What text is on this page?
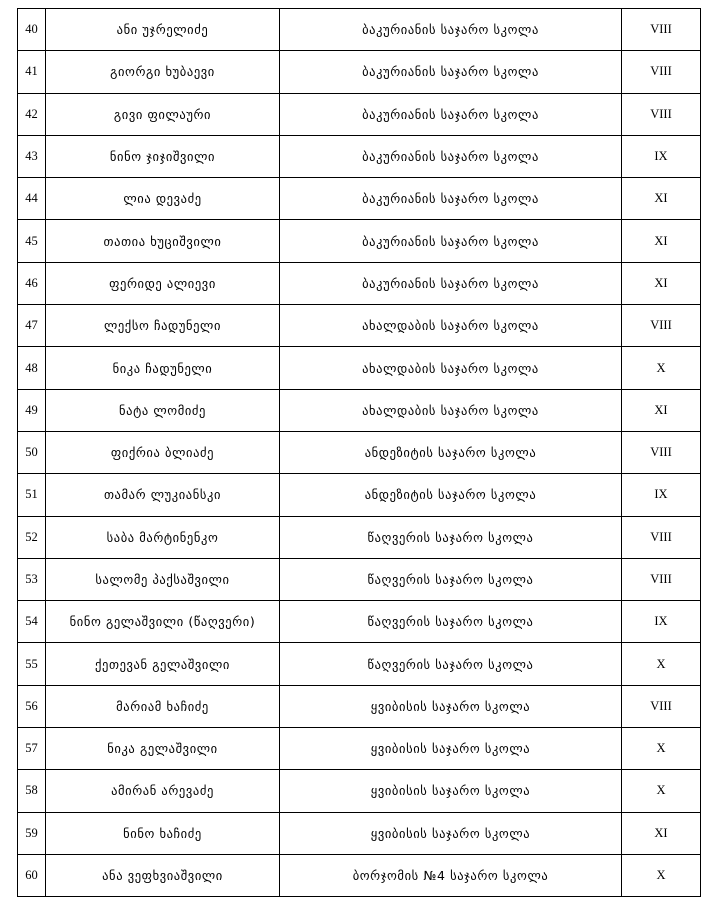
40	ანი უჯრელიძე	ბაკურიანის საჯარო სკოლა	VIII
41	გიორგი ხუბაევი	ბაკურიანის საჯარო სკოლა	VIII
42	გივი ფილაური	ბაკურიანის საჯარო სკოლა	VIII
43	ნინო ჯიჯიშვილი	ბაკურიანის საჯარო სკოლა	IX
44	ლია დევაძე	ბაკურიანის საჯარო სკოლა	XI
45	თათია ხუციშვილი	ბაკურიანის საჯარო სკოლა	XI
46	ფერიდე ალიევი	ბაკურიანის საჯარო სკოლა	XI
47	ლექსო ჩადუნელი	ახალდაბის საჯარო სკოლა	VIII
48	ნიკა ჩადუნელი	ახალდაბის საჯარო სკოლა	X
49	ნატა ლომიძე	ახალდაბის საჯარო სკოლა	XI
50	ფიქრია ბლიაძე	ანდეზიტის საჯარო სკოლა	VIII
51	თამარ ლუკიანსკი	ანდეზიტის საჯარო სკოლა	IX
52	საბა მარტინენკო	წაღვერის საჯარო სკოლა	VIII
53	სალომე პაქსაშვილი	წაღვერის საჯარო სკოლა	VIII
54	ნინო გელაშვილი (წაღვერი)	წაღვერის საჯარო სკოლა	IX
55	ქეთევან გელაშვილი	წაღვერის საჯარო სკოლა	X
56	მარიამ ხაჩიძე	ყვიბისის საჯარო სკოლა	VIII
57	ნიკა გელაშვილი	ყვიბისის საჯარო სკოლა	X
58	ამირან არევაძე	ყვიბისის საჯარო სკოლა	X
59	ნინო ხაჩიძე	ყვიბისის საჯარო სკოლა	XI
60	ანა ვეფხვიაშვილი	ბორჯომის №4 საჯარო სკოლა	X
